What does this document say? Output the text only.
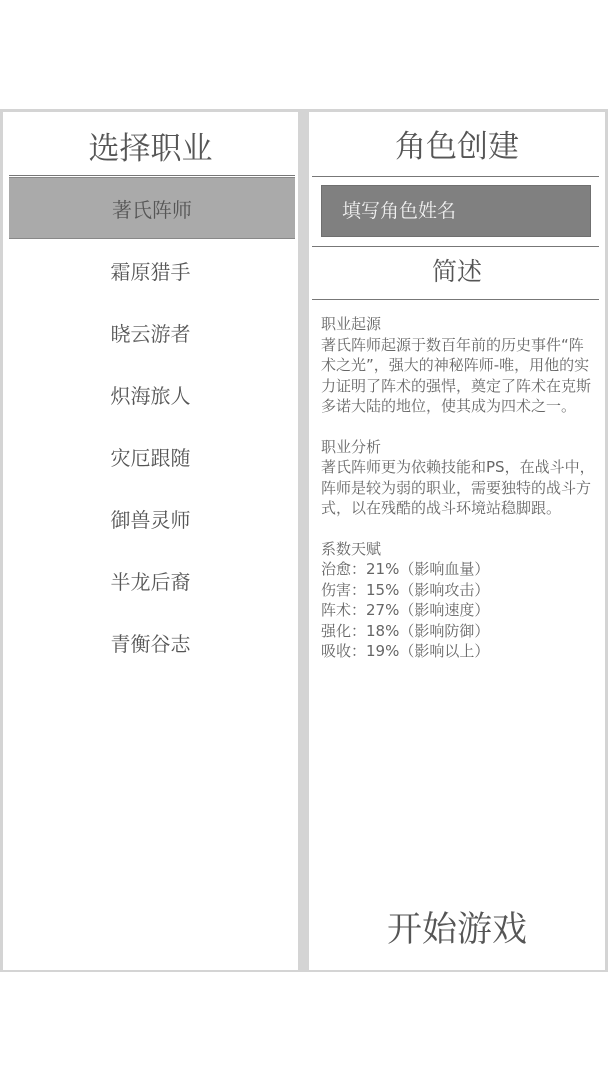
选择职业
著氏阵师
霜原猎手
晓云游者
炽海旅人
灾厄跟随
御兽灵师
半龙后裔
青衡谷志
角色创建
填写角色姓名
简述
职业起源
著氏阵师起源于数百年前的历史事件“阵术之光”，强大的神秘阵师-唯，用他的实力证明了阵术的强悍，奠定了阵术在克斯多诺大陆的地位，使其成为四术之一。
职业分析
著氏阵师更为依赖技能和PS，在战斗中，阵师是较为弱的职业，需要独特的战斗方式，以在残酷的战斗环境站稳脚跟。
系数天赋
治愈：21%（影响血量）
伤害：15%（影响攻击）
阵术：27%（影响速度）
强化：18%（影响防御）
吸收：19%（影响以上）
开始游戏
